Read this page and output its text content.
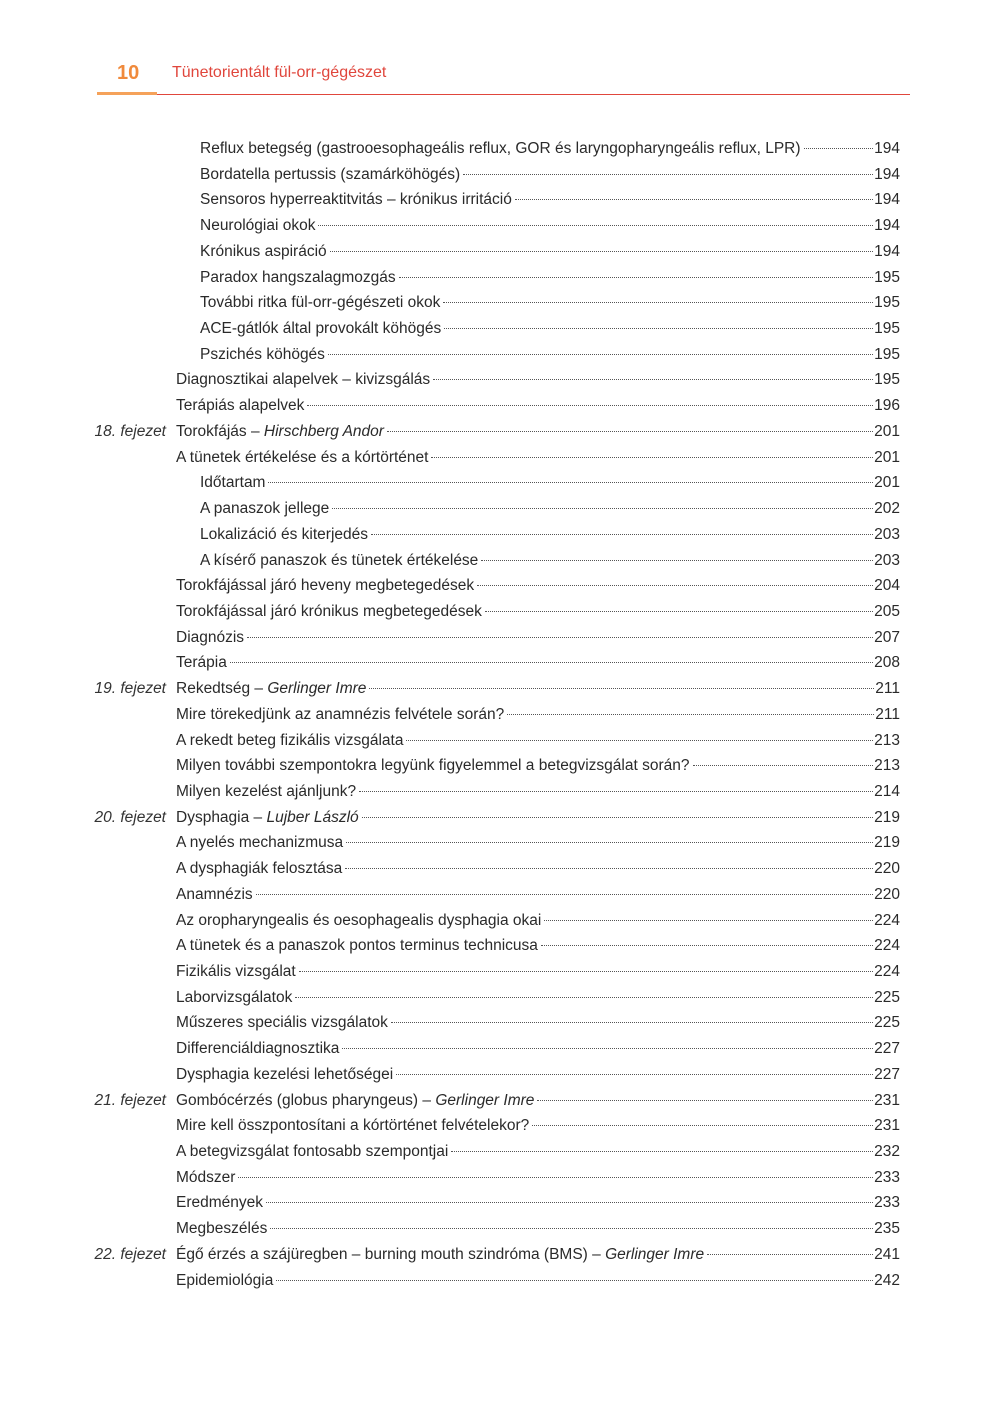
10 Tünetorientált fül-orr-gégészet
Reflux betegség (gastrooesophageális reflux, GOR és laryngopharyngeális reflux, LPR)	194
Bordatella pertussis (szamárköhögés)	194
Sensoros hyperreaktitvitás – krónikus irritáció	194
Neurológiai okok	194
Krónikus aspiráció	194
Paradox hangszalagmozgás	195
További ritka fül-orr-gégészeti okok	195
ACE-gátlók által provokált köhögés	195
Pszichés köhögés	195
Diagnosztikai alapelvek – kivizsgálás	195
Terápiás alapelvek	196
18. fejezet Torokfájás – Hirschberg Andor	201
A tünetek értékelése és a kórtörténet	201
Időtartam	201
A panaszok jellege	202
Lokalizáció és kiterjedés	203
A kísérő panaszok és tünetek értékelése	203
Torokfájással járó heveny megbetegedések	204
Torokfájással járó krónikus megbetegedések	205
Diagnózis	207
Terápia	208
19. fejezet Rekedtség – Gerlinger Imre	211
Mire törekedjünk az anamnézis felvétele során?	211
A rekedt beteg fizikális vizsgálata	213
Milyen további szempontokra legyünk figyelemmel a betegvizsgálat során?	213
Milyen kezelést ajánljunk?	214
20. fejezet Dysphagia – Lujber László	219
A nyelés mechanizmusa	219
A dysphagiák felosztása	220
Anamnézis	220
Az oropharyngealis és oesophagealis dysphagia okai	224
A tünetek és a panaszok pontos terminus technicusa	224
Fizikális vizsgálat	224
Laborvizsgálatok	225
Műszeres speciális vizsgálatok	225
Differenciáldiagnosztika	227
Dysphagia kezelési lehetőségei	227
21. fejezet Gombócérzés (globus pharyngeus) – Gerlinger Imre	231
Mire kell összpontosítani a kórtörténet felvételekor?	231
A betegvizsgálat fontosabb szempontjai	232
Módszer	233
Eredmények	233
Megbeszélés	235
22. fejezet Égő érzés a szájüregben – burning mouth szindróma (BMS) – Gerlinger Imre	241
Epidemiológia	242
